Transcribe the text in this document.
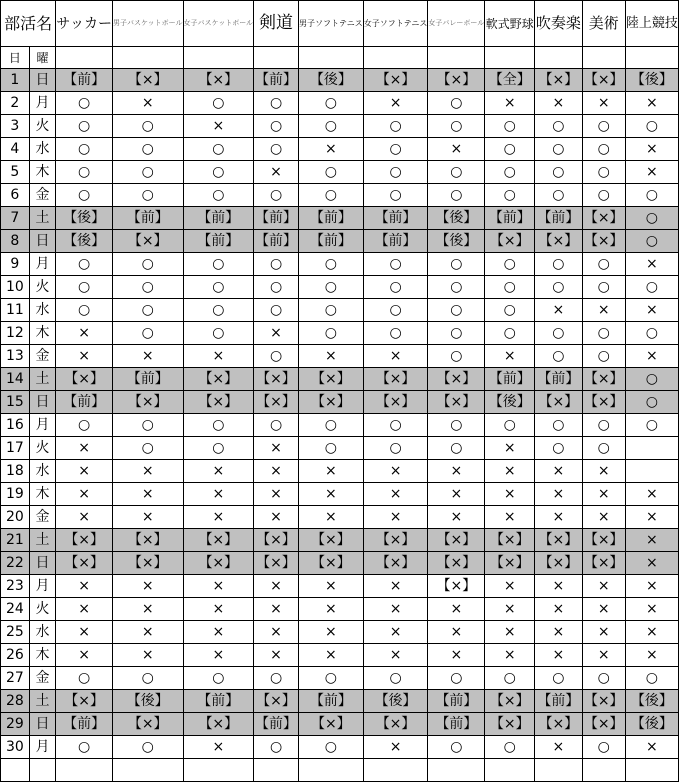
部活名		サッカー	男子バスケットボール	女子バスケットボール	剣道	男子ソフトテニス	女子ソフトテニス	女子バレーボール	軟式野球	吹奏楽	美術	陸上競技
日	曜											
1	日	【前】	【×】	【×】	【前】	【後】	【×】	【×】	【全】	【×】	【×】	【後】
2	月	○	×	○	○	○	×	○	×	×	×	×
3	火	○	○	×	○	○	○	○	○	○	○	○
4	水	○	○	○	○	×	○	×	○	○	○	×
5	木	○	○	○	×	○	○	○	○	○	○	×
6	金	○	○	○	○	○	○	○	○	○	○	○
7	土	【後】	【前】	【前】	【前】	【前】	【前】	【後】	【前】	【前】	【×】	○
8	日	【後】	【×】	【前】	【前】	【前】	【前】	【後】	【×】	【×】	【×】	○
9	月	○	○	○	○	○	○	○	○	○	○	×
10	火	○	○	○	○	○	○	○	○	○	○	○
11	水	○	○	○	○	○	○	○	○	×	×	×
12	木	×	○	○	×	○	○	○	○	○	○	○
13	金	×	×	×	○	×	×	○	×	○	○	×
14	土	【×】	【前】	【×】	【×】	【×】	【×】	【×】	【前】	【前】	【×】	○
15	日	【前】	【×】	【×】	【×】	【×】	【×】	【×】	【後】	【×】	【×】	○
16	月	○	○	○	○	○	○	○	○	○	○	○
17	火	×	○	○	×	○	○	○	×	○	○	
18	水	×	×	×	×	×	×	×	×	×	×	
19	木	×	×	×	×	×	×	×	×	×	×	×
20	金	×	×	×	×	×	×	×	×	×	×	×
21	土	【×】	【×】	【×】	【×】	【×】	【×】	【×】	【×】	【×】	【×】	×
22	日	【×】	【×】	【×】	【×】	【×】	【×】	【×】	【×】	【×】	【×】	×
23	月	×	×	×	×	×	×	【×】	×	×	×	×
24	火	×	×	×	×	×	×	×	×	×	×	×
25	水	×	×	×	×	×	×	×	×	×	×	×
26	木	×	×	×	×	×	×	×	×	×	×	×
27	金	○	○	○	○	○	○	○	○	○	○	○
28	土	【×】	【後】	【前】	【×】	【前】	【後】	【前】	【×】	【前】	【×】	【後】
29	日	【前】	【×】	【×】	【前】	【×】	【×】	【前】	【×】	【×】	【×】	【後】
30	月	○	○	×	○	○	×	○	○	×	○	×
